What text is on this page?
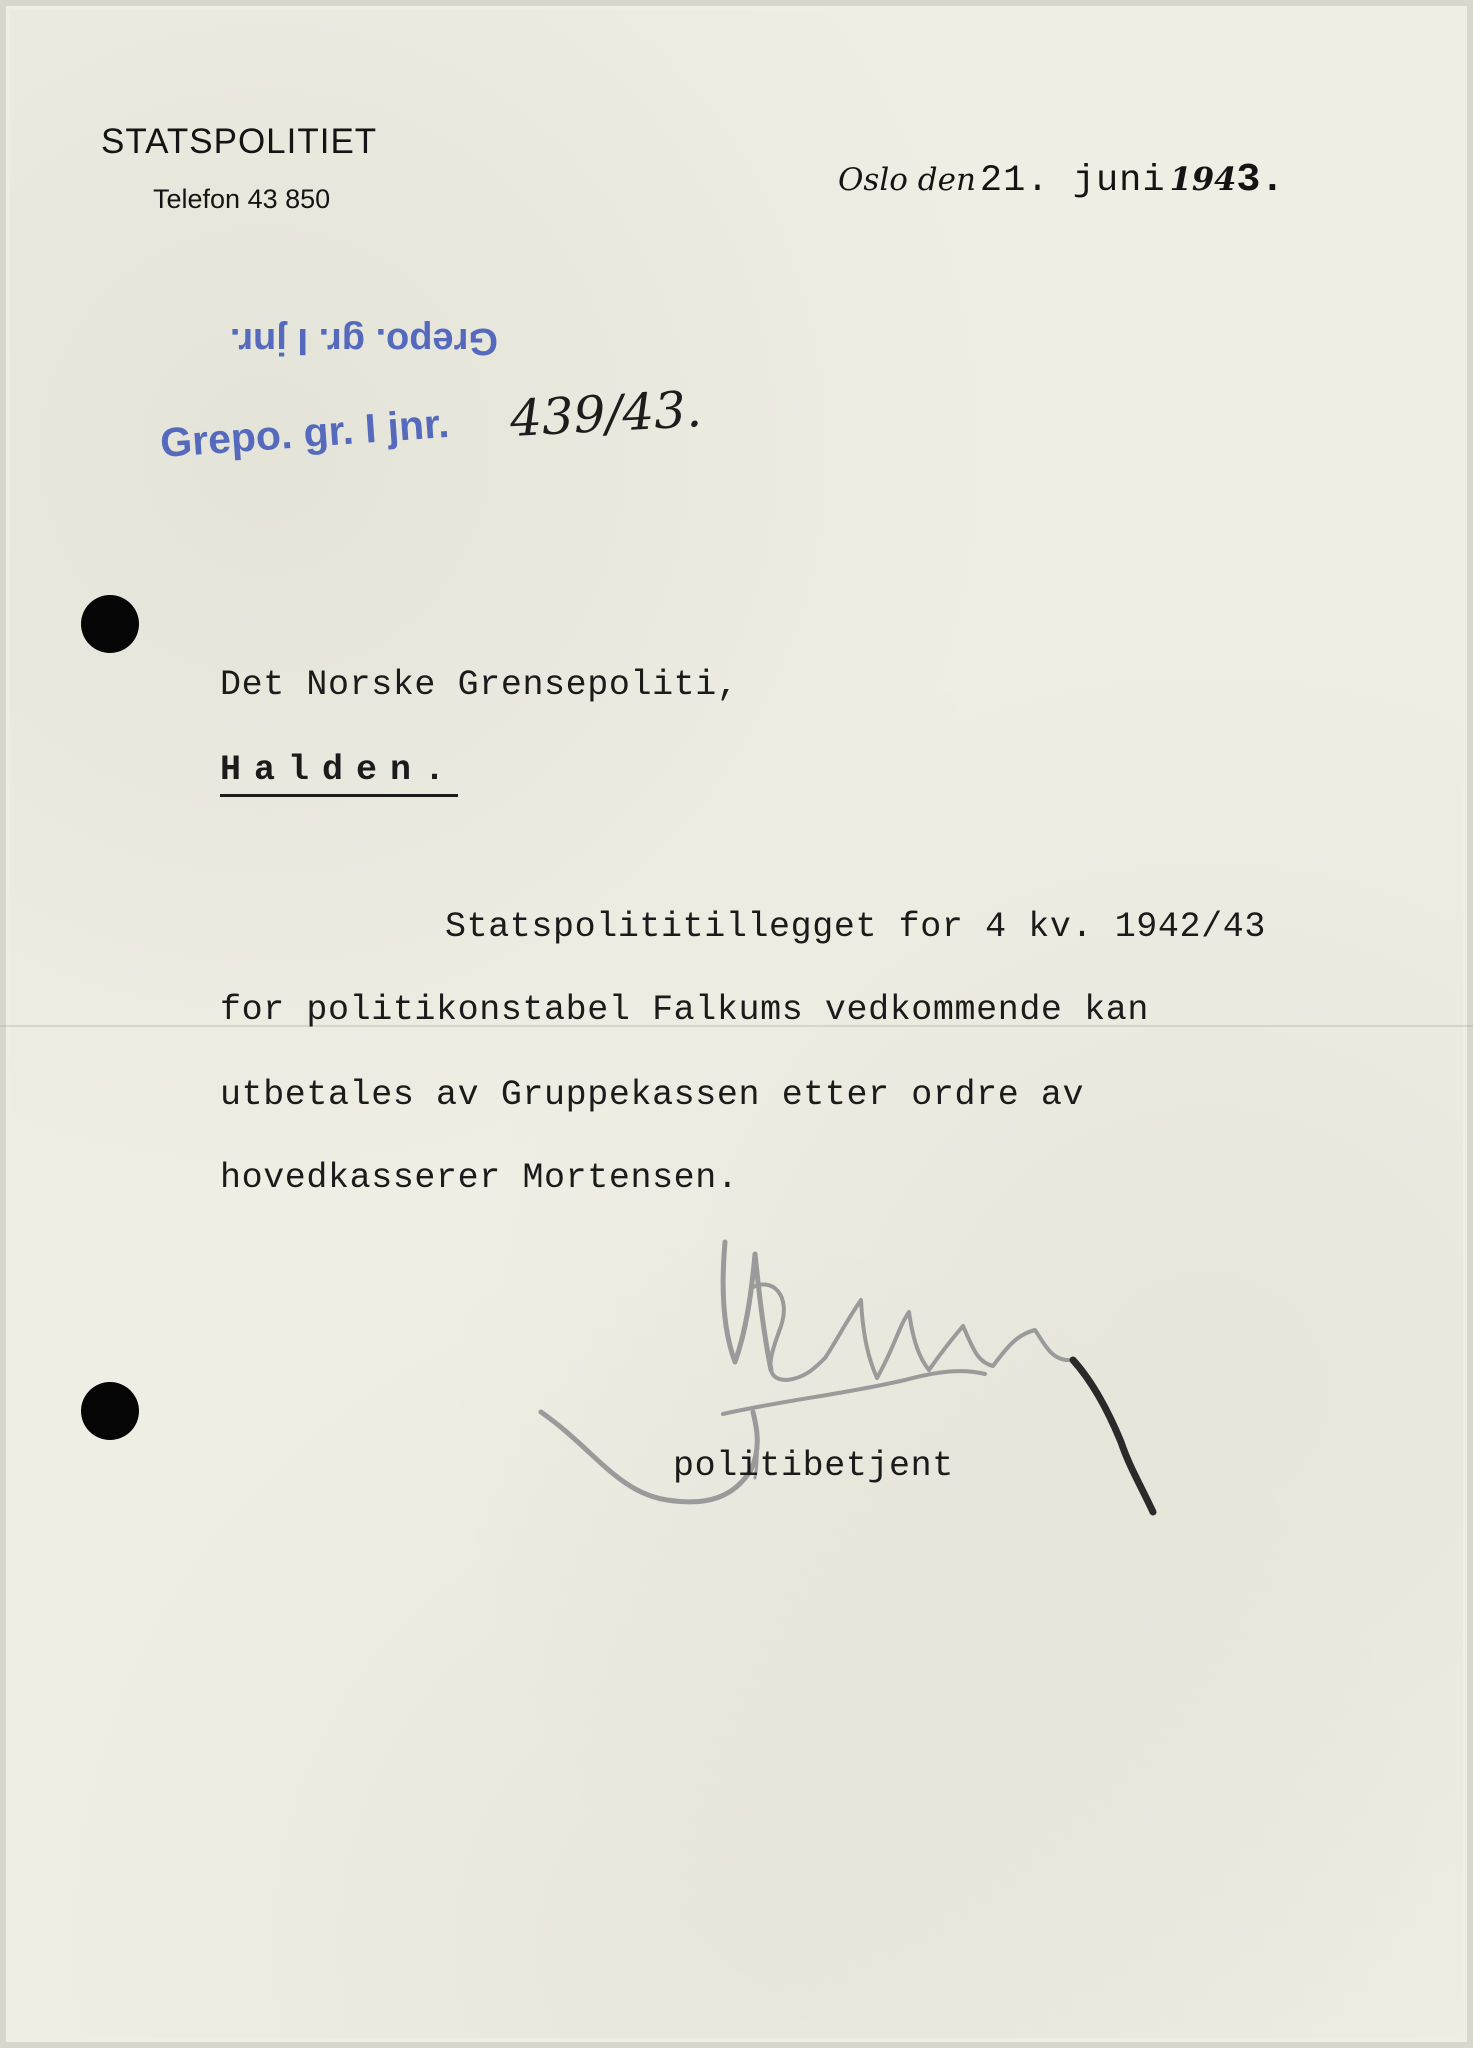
STATSPOLITIET
Telefon 43 850
Oslo den 21. juni 1943.
Grepo. gr. I jnr.
Grepo. gr. I jnr. 439/43.
Det Norske Grensepoliti,
Halden.
Statspolititillegget for 4 kv. 1942/43
for politikonstabel Falkums vedkommende kan
utbetales av Gruppekassen etter ordre av
hovedkasserer Mortensen.
politibetjent
